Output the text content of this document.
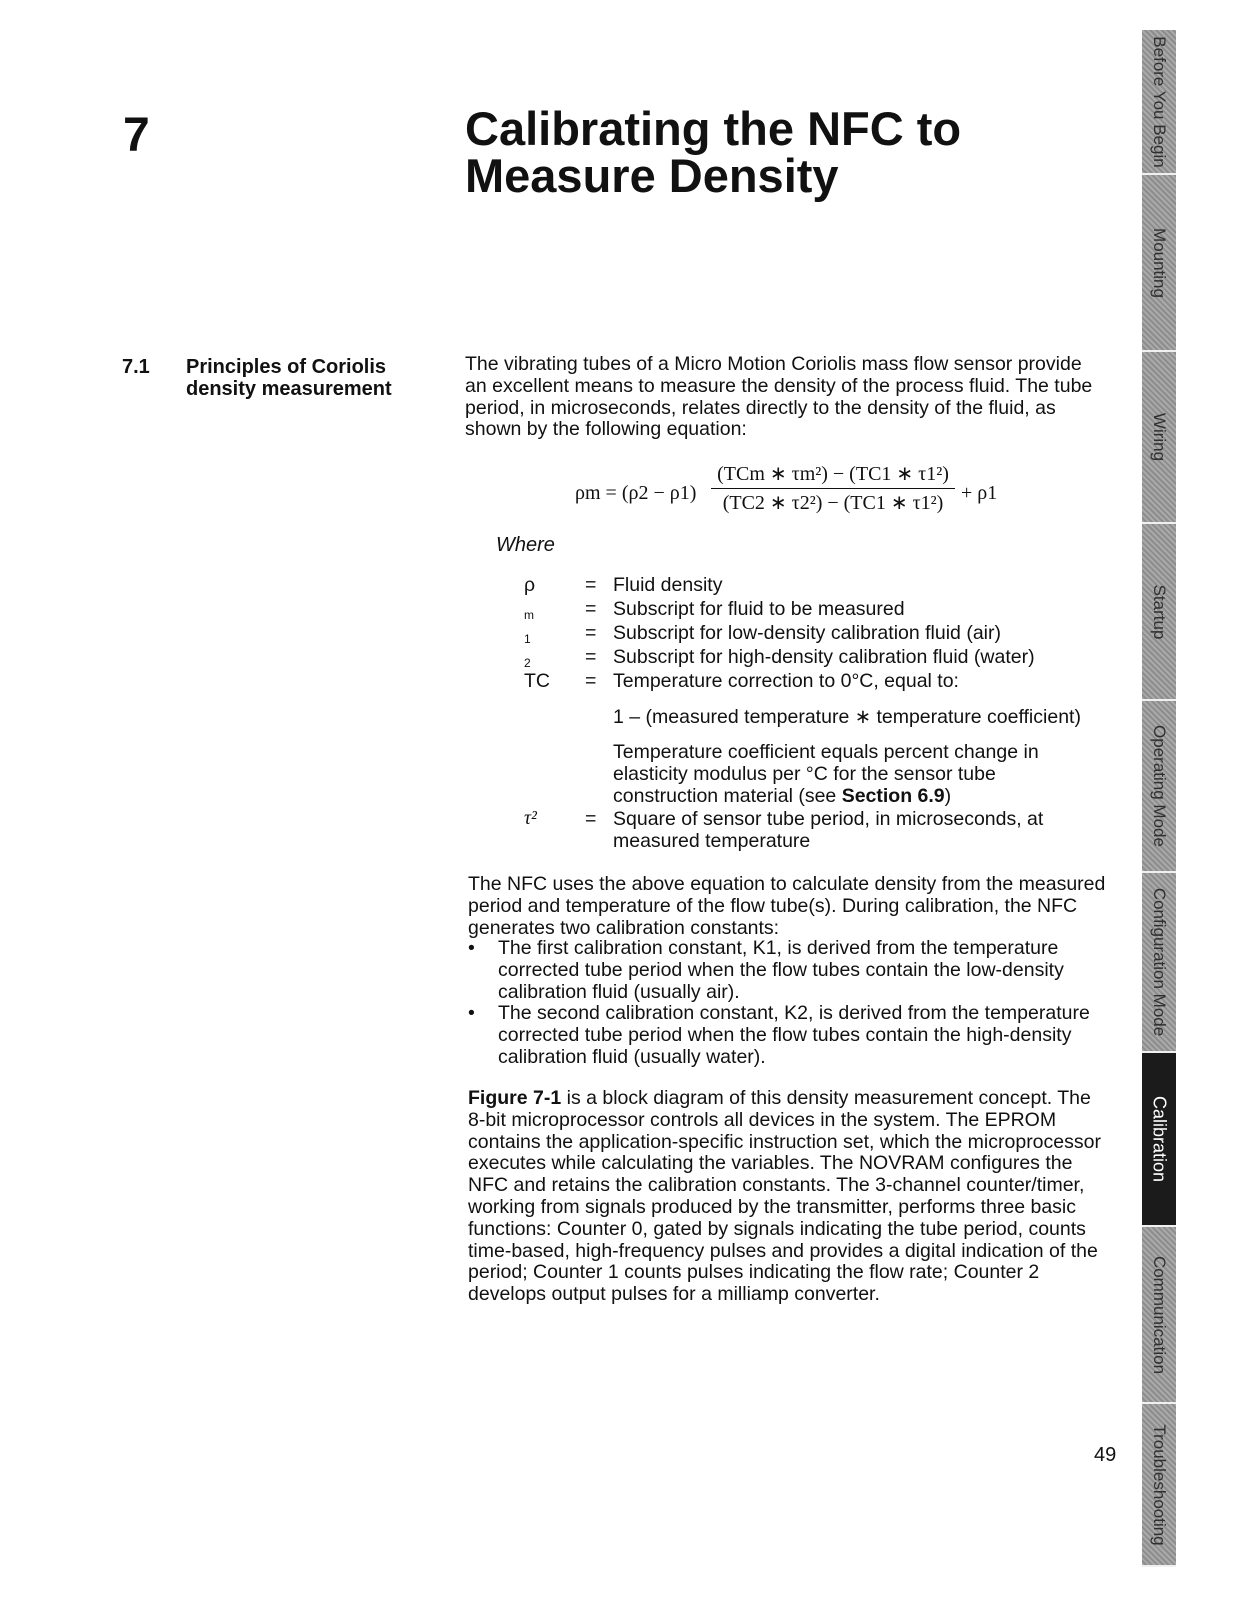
7	Calibrating the NFC to
Measure Density
7.1 Principles of Coriolis
density measurement
The vibrating tubes of a Micro Motion Coriolis mass flow sensor provide an excellent means to measure the density of the process fluid. The tube period, in microseconds, relates directly to the density of the fluid, as shown by the following equation:
ρm = (ρ2 − ρ1)
(TCm ∗ τm²) − (TC1 ∗ τ1²)
(TC2 ∗ τ2²) − (TC1 ∗ τ1²) + ρ1
Where
ρ	= Fluid density
m	= Subscript for fluid to be measured
1	= Subscript for low-density calibration fluid (air)
2	= Subscript for high-density calibration fluid (water)
TC = Temperature correction to 0°C, equal to:
1 – (measured temperature ∗ temperature coefficient)
Temperature coefficient equals percent change in elasticity modulus per °C for the sensor tube construction material (see Section 6.9)
τ² = Square of sensor tube period, in microseconds, at measured temperature
The NFC uses the above equation to calculate density from the measured period and temperature of the flow tube(s). During calibration, the NFC generates two calibration constants:
• The first calibration constant, K1, is derived from the temperature corrected tube period when the flow tubes contain the low-density calibration fluid (usually air).
• The second calibration constant, K2, is derived from the temperature corrected tube period when the flow tubes contain the high-density calibration fluid (usually water).
Figure 7-1 is a block diagram of this density measurement concept. The 8-bit microprocessor controls all devices in the system. The EPROM contains the application-specific instruction set, which the microprocessor executes while calculating the variables. The NOVRAM configures the NFC and retains the calibration constants. The 3-channel counter/timer, working from signals produced by the transmitter, performs three basic functions: Counter 0, gated by signals indicating the tube period, counts time-based, high-frequency pulses and provides a digital indication of the period; Counter 1 counts pulses indicating the flow rate; Counter 2 develops output pulses for a milliamp converter.
49
Before You Begin
Mounting
Wiring
Startup
Operating Mode
Configuration Mode
Calibration
Communication
Troubleshooting
